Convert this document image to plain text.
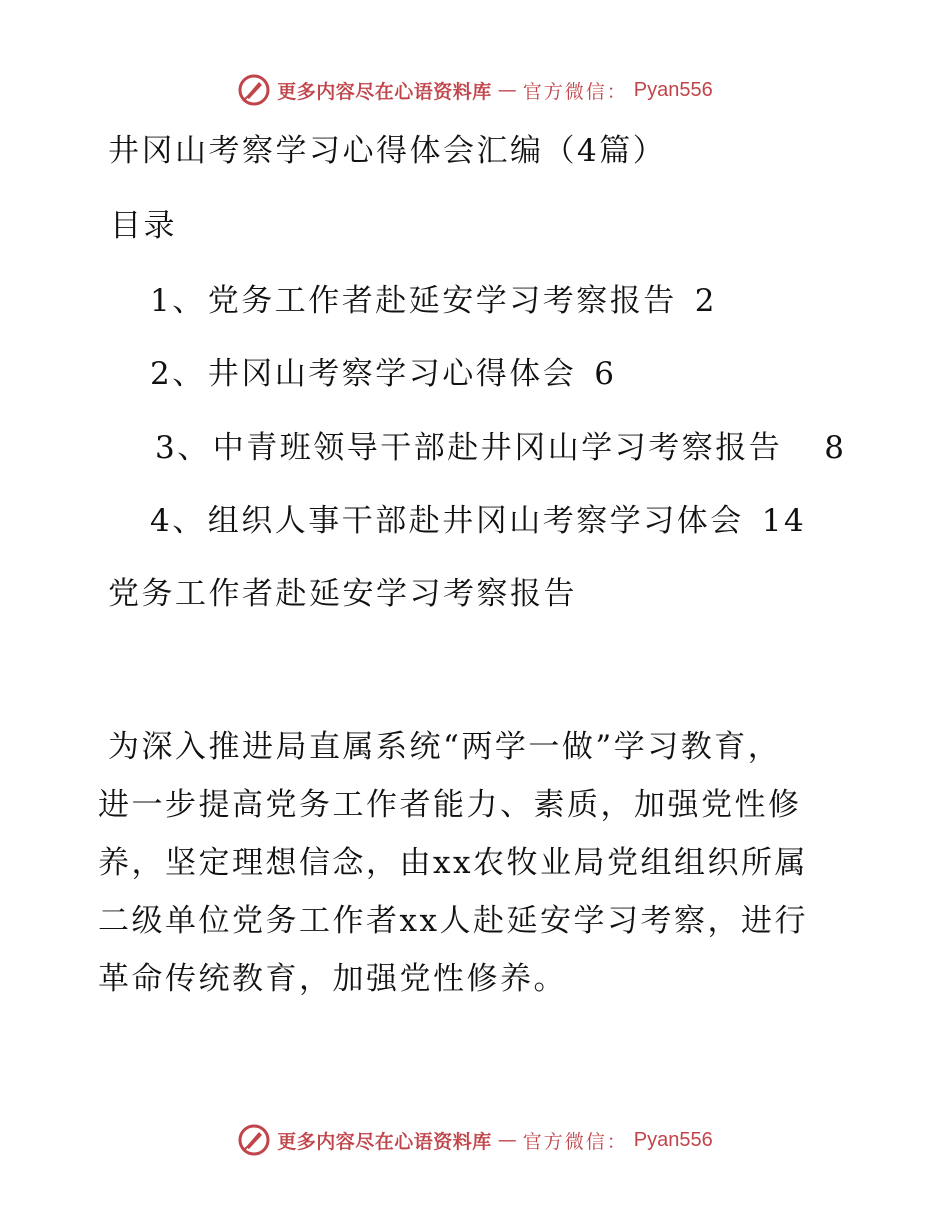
更多内容尽在心语资料库 — 官方微信： Pyan556
井冈山考察学习心得体会汇编（4篇）
目录
1、党务工作者赴延安学习考察报告 2
2、井冈山考察学习心得体会 6
3、中青班领导干部赴井冈山学习考察报告 8
4、组织人事干部赴井冈山考察学习体会 14
党务工作者赴延安学习考察报告
为深入推进局直属系统“两学一做”学习教育，
进一步提高党务工作者能力、素质，加强党性修
养，坚定理想信念，由xx农牧业局党组组织所属
二级单位党务工作者xx人赴延安学习考察，进行
革命传统教育，加强党性修养。
更多内容尽在心语资料库 — 官方微信： Pyan556
